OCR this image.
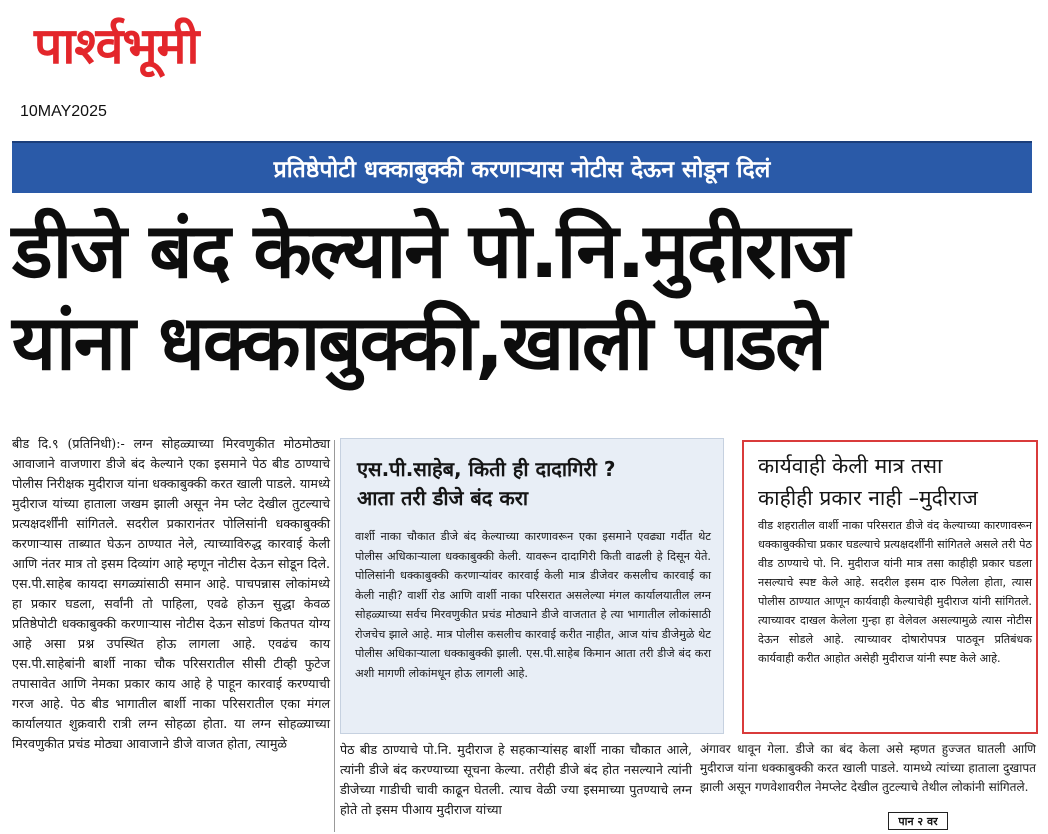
पार्श्वभूमी
10MAY2025
प्रतिष्ठेपोटी धक्काबुक्की करणाऱ्यास नोटीस देऊन सोडून दिलं
डीजे बंद केल्याने पो.नि.मुदीराज
यांना धक्काबुक्की,खाली पाडले
बीड दि.९ (प्रतिनिधी):- लग्न सोहळ्याच्या मिरवणुकीत मोठमोठ्या आवाजाने वाजणारा डीजे बंद केल्याने एका इसमाने पेठ बीड ठाण्याचे पोलीस निरीक्षक मुदीराज यांना धक्काबुक्की करत खाली पाडले. यामध्ये मुदीराज यांच्या हाताला जखम झाली असून नेम प्लेट देखील तुटल्याचे प्रत्यक्षदर्शींनी सांगितले. सदरील प्रकारानंतर पोलिसांनी धक्काबुक्की करणाऱ्यास ताब्यात घेऊन ठाण्यात नेले, त्याच्याविरुद्ध कारवाई केली आणि नंतर मात्र तो इसम दिव्यांग आहे म्हणून नोटीस देऊन सोडून दिले. एस.पी.साहेब कायदा सगळ्यांसाठी समान आहे. पाचपन्नास लोकांमध्ये हा प्रकार घडला, सर्वांनी तो पाहिला, एवढे होऊन सुद्धा केवळ प्रतिष्ठेपोटी धक्काबुक्की करणाऱ्यास नोटीस देऊन सोडणं कितपत योग्य आहे असा प्रश्न उपस्थित होऊ लागला आहे. एवढंच काय एस.पी.साहेबांनी बार्शी नाका चौक परिसरातील सीसी टीव्ही फुटेज तपासावेत आणि नेमका प्रकार काय आहे हे पाहून कारवाई करण्याची गरज आहे. पेठ बीड भागातील बार्शी नाका परिसरातील एका मंगल कार्यालयात शुक्रवारी रात्री लग्न सोहळा होता. या लग्न सोहळ्याच्या मिरवणुकीत प्रचंड मोठ्या आवाजाने डीजे वाजत होता, त्यामुळे
एस.पी.साहेब, किती ही दादागिरी ?
आता तरी डीजे बंद करा
वार्शी नाका चौकात डीजे बंद केल्याच्या कारणावरून एका इसमाने एवढ्या गर्दीत थेट पोलीस अधिकाऱ्याला धक्काबुक्की केली. यावरून दादागिरी किती वाढली हे दिसून येते. पोलिसांनी धक्काबुक्की करणाऱ्यांवर कारवाई केली मात्र डीजेवर कसलीच कारवाई का केली नाही? वार्शी रोड आणि वार्शी नाका परिसरात असलेल्या मंगल कार्यालयातील लग्न सोहळ्याच्या सर्वच मिरवणुकीत प्रचंड मोठ्याने डीजे वाजतात हे त्या भागातील लोकांसाठी रोजचेच झाले आहे. मात्र पोलीस कसलीच कारवाई करीत नाहीत, आज यांच डीजेमुळे थेट पोलीस अधिकाऱ्याला धक्काबुक्की झाली. एस.पी.साहेब किमान आता तरी डीजे बंद करा अशी मागणी लोकांमधून होऊ लागली आहे.
कार्यवाही केली मात्र तसा
काहीही प्रकार नाही –मुदीराज
वीड शहरातील वार्शी नाका परिसरात डीजे वंद केल्याच्या कारणावरून धक्काबुक्कीचा प्रकार घडल्याचे प्रत्यक्षदर्शींनी सांगितले असले तरी पेठ वीड ठाण्याचे पो. नि. मुदीराज यांनी मात्र तसा काहीही प्रकार घडला नसल्याचे स्पष्ट केले आहे. सदरील इसम दारु पिलेला होता, त्यास पोलीस ठाण्यात आणून कार्यवाही केल्याचेही मुदीराज यांनी सांगितले. त्याच्यावर दाखल केलेला गुन्हा हा वेलेवल असल्यामुळे त्यास नोटीस देऊन सोडले आहे. त्याच्यावर दोषारोपपत्र पाठवून प्रतिबंधक कार्यवाही करीत आहोत असेही मुदीराज यांनी स्पष्ट केले आहे.
पेठ बीड ठाण्याचे पो.नि. मुदीराज हे सहकाऱ्यांसह बार्शी नाका चौकात आले, त्यांनी डीजे बंद करण्याच्या सूचना केल्या. तरीही डीजे बंद होत नसल्याने त्यांनी डीजेच्या गाडीची चावी काढून घेतली. त्याच वेळी ज्या इसमाच्या पुतण्याचे लग्न होते तो इसम पीआय मुदीराज यांच्या
अंगावर धावून गेला. डीजे का बंद केला असे म्हणत हुज्जत घातली आणि मुदीराज यांना धक्काबुक्की करत खाली पाडले. यामध्ये त्यांच्या हाताला दुखापत झाली असून गणवेशावरील नेमप्लेट देखील तुटल्याचे तेथील लोकांनी सांगितले.
पान २ वर
